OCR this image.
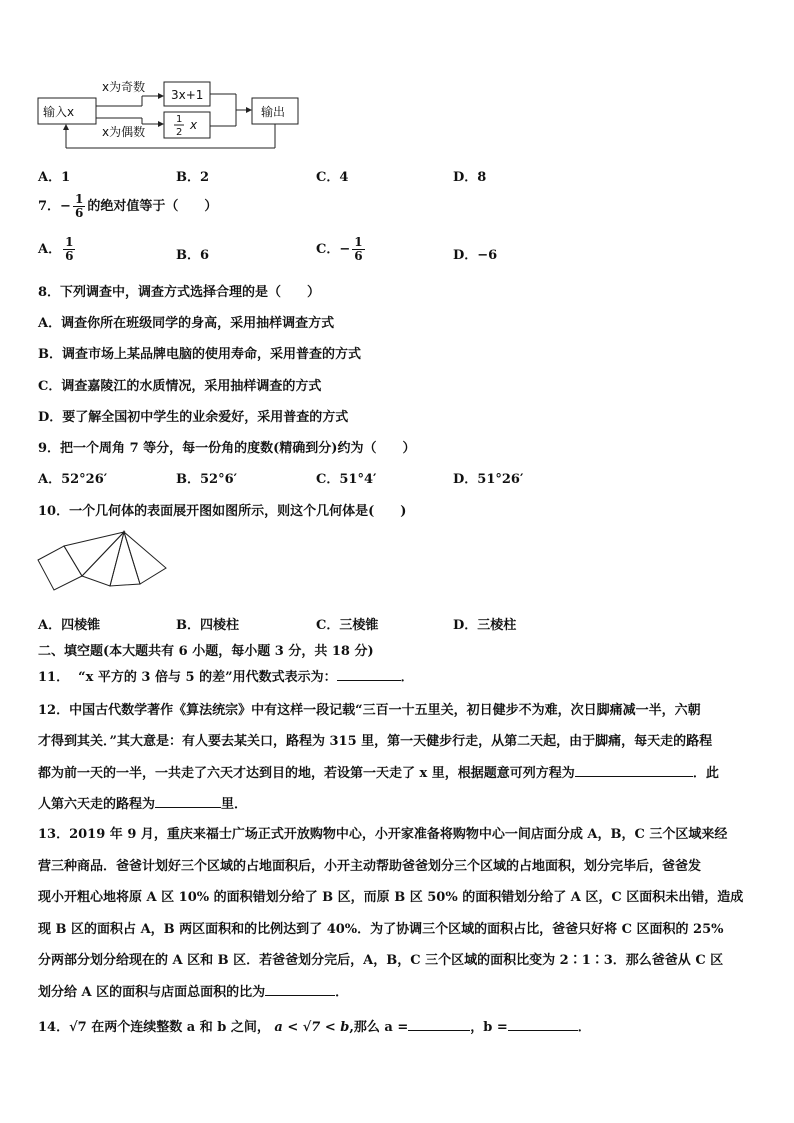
输入x
x为奇数
x为偶数
3x+1
1
2
x
输出
A．1	B．2	C．4	D．8
7．− $\frac{1}{6}$ 的绝对值等于（　　）
A． $\frac{1}{6}$	B．6	C．− $\frac{1}{6}$	D．−6
8．下列调查中，调查方式选择合理的是（　　）
A．调查你所在班级同学的身高，采用抽样调查方式
B．调查市场上某品牌电脑的使用寿命，采用普查的方式
C．调查嘉陵江的水质情况，采用抽样调查的方式
D．要了解全国初中学生的业余爱好，采用普查的方式
9．把一个周角 7 等分，每一份角的度数(精确到分)约为（　　）
A．52°26′	B．52°6′	C．51°4′	D．51°26′
10．一个几何体的表面展开图如图所示，则这个几何体是(　　)
A．四棱锥	B．四棱柱	C．三棱锥	D．三棱柱
二、填空题(本大题共有 6 小题，每小题 3 分，共 18 分)
11． “x 平方的 3 倍与 5 的差”用代数式表示为：	．
12．中国古代数学著作《算法统宗》中有这样一段记载“三百一十五里关，初日健步不为难，次日脚痛减一半，六朝
才得到其关．”其大意是：有人要去某关口，路程为 315 里，第一天健步行走，从第二天起，由于脚痛，每天走的路程
都为前一天的一半，一共走了六天才达到目的地，若设第一天走了 x 里，根据题意可列方程为	．此
人第六天走的路程为	里．
13．2019 年 9 月，重庆来福士广场正式开放购物中心，小开家准备将购物中心一间店面分成 A，B，C 三个区域来经
营三种商品．爸爸计划好三个区域的占地面积后，小开主动帮助爸爸划分三个区域的占地面积，划分完毕后，爸爸发
现小开粗心地将原 A 区 10% 的面积错划分给了 B 区，而原 B 区 50% 的面积错划分给了 A 区，C 区面积未出错，造成
现 B 区的面积占 A，B 两区面积和的比例达到了 40%．为了协调三个区域的面积占比，爸爸只好将 C 区面积的 25%
分两部分划分给现在的 A 区和 B 区．若爸爸划分完后，A，B，C 三个区域的面积比变为 2∶1∶3．那么爸爸从 C 区
划分给 A 区的面积与店面总面积的比为	．
14．√7 在两个连续整数 a 和 b 之间， a < √7 < b,那么 a =	，b =	．
